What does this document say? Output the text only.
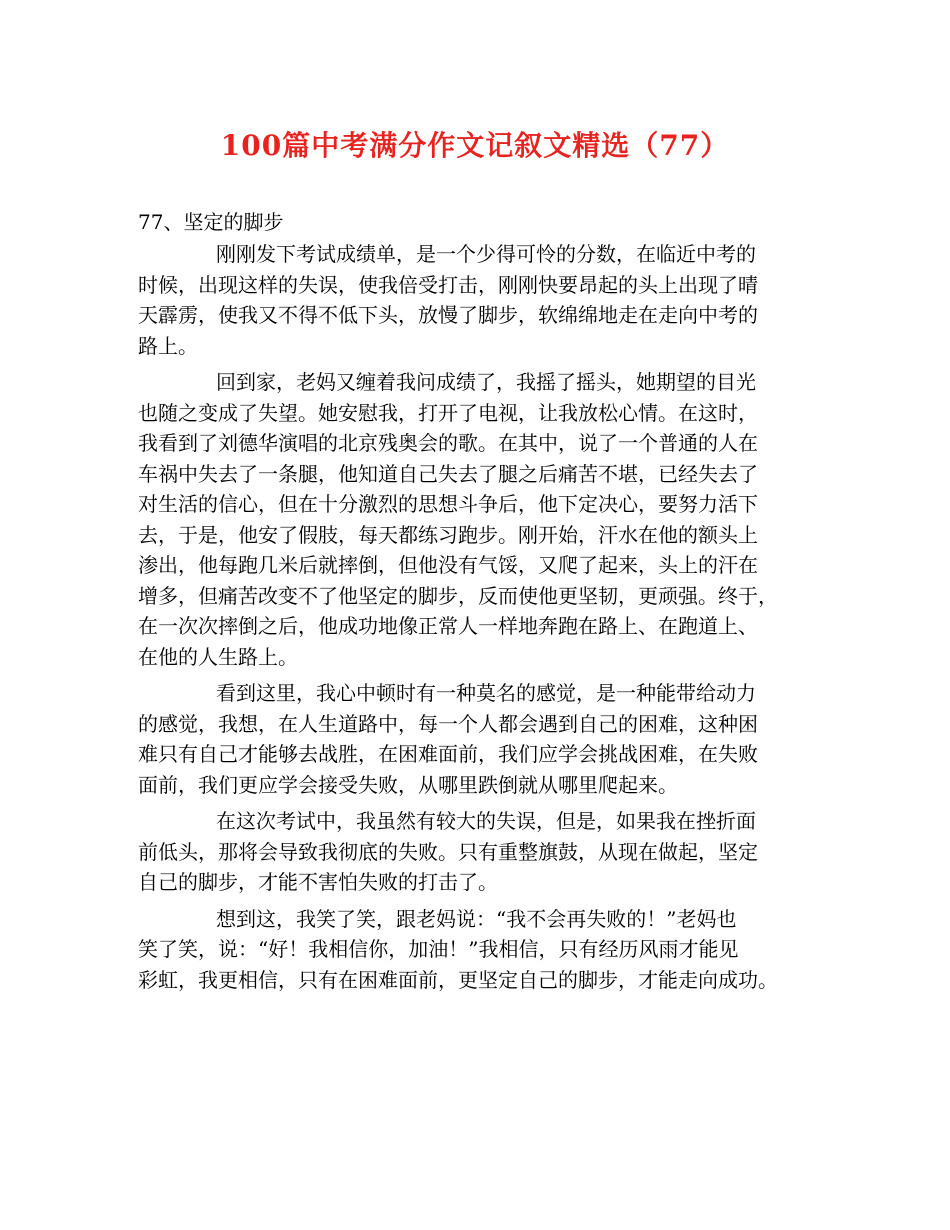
100篇中考满分作文记叙文精选（77）
77、坚定的脚步
刚刚发下考试成绩单，是一个少得可怜的分数，在临近中考的
时候，出现这样的失误，使我倍受打击，刚刚快要昂起的头上出现了晴
天霹雳，使我又不得不低下头，放慢了脚步，软绵绵地走在走向中考的
路上。
回到家，老妈又缠着我问成绩了，我摇了摇头，她期望的目光
也随之变成了失望。她安慰我，打开了电视，让我放松心情。在这时，
我看到了刘德华演唱的北京残奥会的歌。在其中，说了一个普通的人在
车祸中失去了一条腿，他知道自己失去了腿之后痛苦不堪，已经失去了
对生活的信心，但在十分激烈的思想斗争后，他下定决心，要努力活下
去，于是，他安了假肢，每天都练习跑步。刚开始，汗水在他的额头上
渗出，他每跑几米后就摔倒，但他没有气馁，又爬了起来，头上的汗在
增多，但痛苦改变不了他坚定的脚步，反而使他更坚韧，更顽强。终于，
在一次次摔倒之后，他成功地像正常人一样地奔跑在路上、在跑道上、
在他的人生路上。
看到这里，我心中顿时有一种莫名的感觉，是一种能带给动力
的感觉，我想，在人生道路中，每一个人都会遇到自己的困难，这种困
难只有自己才能够去战胜，在困难面前，我们应学会挑战困难，在失败
面前，我们更应学会接受失败，从哪里跌倒就从哪里爬起来。
在这次考试中，我虽然有较大的失误，但是，如果我在挫折面
前低头，那将会导致我彻底的失败。只有重整旗鼓，从现在做起，坚定
自己的脚步，才能不害怕失败的打击了。
想到这，我笑了笑，跟老妈说：“我不会再失败的！”老妈也
笑了笑，说：“好！我相信你，加油！”我相信，只有经历风雨才能见
彩虹，我更相信，只有在困难面前，更坚定自己的脚步，才能走向成功。
